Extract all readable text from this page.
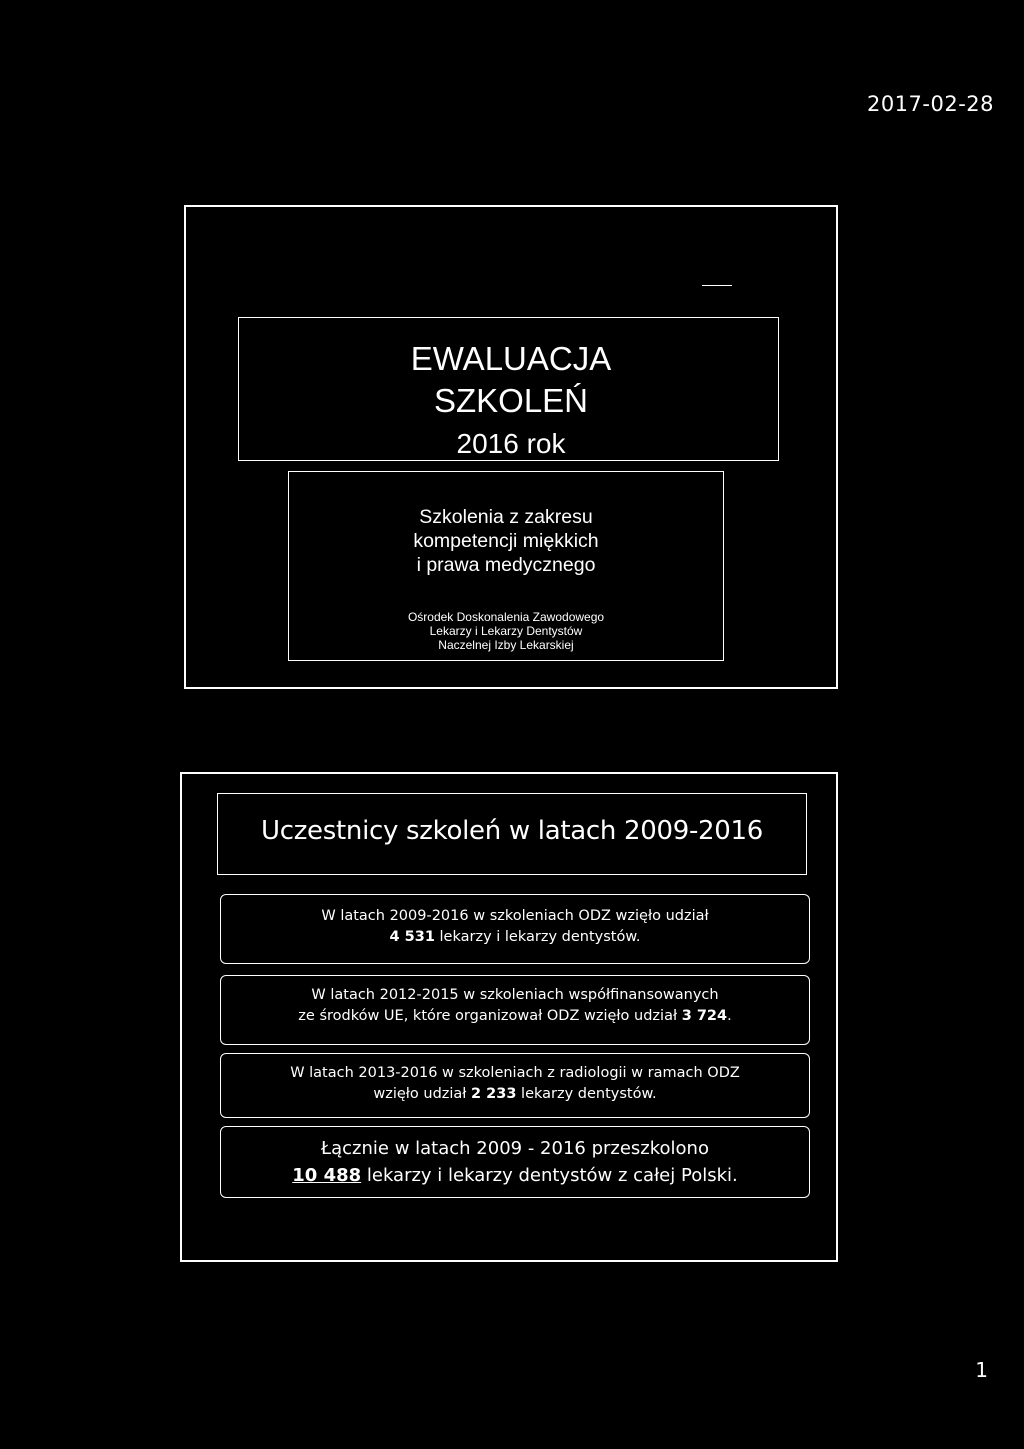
2017-02-28
EWALUACJA
SZKOLEŃ
2016 rok
Szkolenia z zakresu
kompetencji miękkich
i prawa medycznego
Ośrodek Doskonalenia Zawodowego
Lekarzy i Lekarzy Dentystów
Naczelnej Izby Lekarskiej
Uczestnicy szkoleń w latach 2009-2016
W latach 2009-2016 w szkoleniach ODZ wzięło udział
4 531 lekarzy i lekarzy dentystów.
W latach 2012-2015 w szkoleniach współfinansowanych
ze środków UE, które organizował ODZ wzięło udział 3 724.
W latach 2013-2016 w szkoleniach z radiologii w ramach ODZ
wzięło udział 2 233 lekarzy dentystów.
Łącznie w latach 2009 - 2016 przeszkolono
10 488 lekarzy i lekarzy dentystów z całej Polski.
1
